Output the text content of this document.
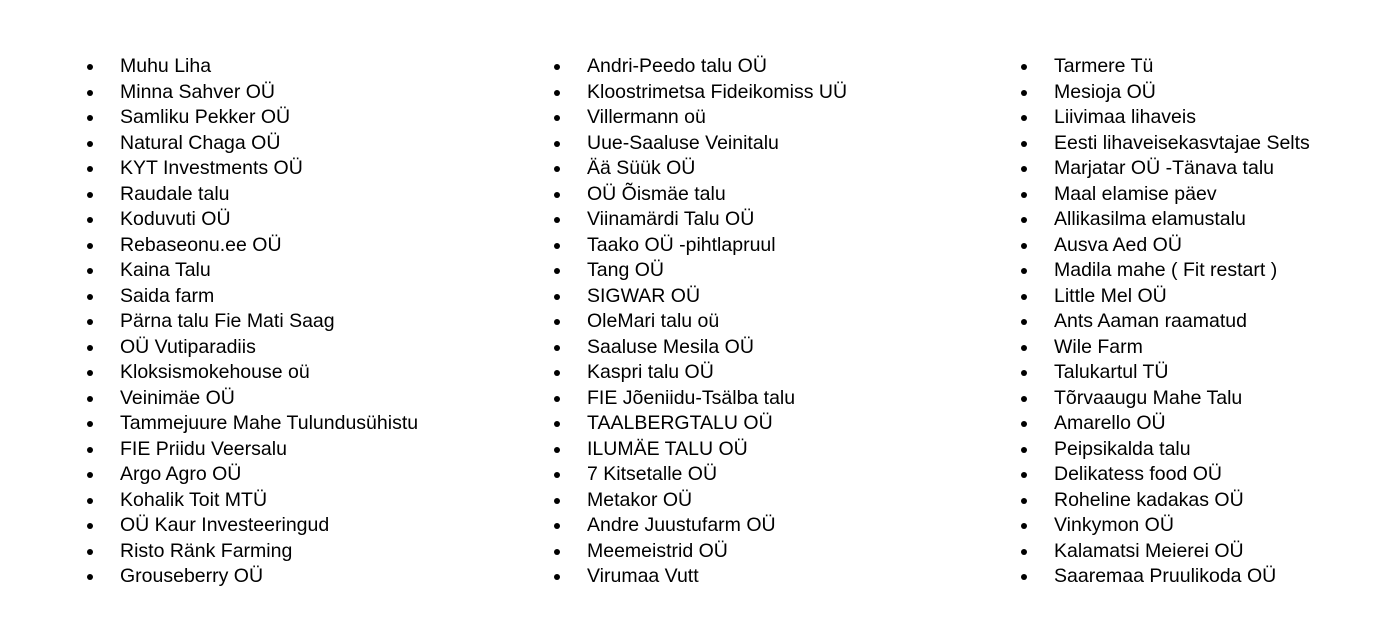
Muhu Liha
Minna Sahver OÜ
Samliku Pekker OÜ
Natural Chaga OÜ
KYT Investments OÜ
Raudale talu
Koduvuti OÜ
Rebaseonu.ee OÜ
Kaina Talu
Saida farm
Pärna talu Fie Mati Saag
OÜ Vutiparadiis
Kloksismokehouse oü
Veinimäe OÜ
Tammejuure Mahe Tulundusühistu
FIE Priidu Veersalu
Argo Agro OÜ
Kohalik Toit MTÜ
OÜ Kaur Investeeringud
Risto Ränk Farming
Grouseberry OÜ
Andri-Peedo talu OÜ
Kloostrimetsa Fideikomiss UÜ
Villermann oü
Uue-Saaluse Veinitalu
Ää Süük OÜ
OÜ Õismäe talu
Viinamärdi Talu OÜ
Taako OÜ -pihtlapruul
Tang OÜ
SIGWAR OÜ
OleMari talu oü
Saaluse Mesila OÜ
Kaspri talu OÜ
FIE Jõeniidu-Tsälba talu
TAALBERGTALU OÜ
ILUMÄE TALU OÜ
7 Kitsetalle OÜ
Metakor OÜ
Andre Juustufarm OÜ
Meemeistrid OÜ
Virumaa Vutt
Tarmere Tü
Mesioja OÜ
Liivimaa lihaveis
Eesti lihaveisekasvtajae Selts
Marjatar OÜ -Tänava talu
Maal elamise päev
Allikasilma elamustalu
Ausva Aed OÜ
Madila mahe ( Fit restart )
Little Mel OÜ
Ants Aaman raamatud
Wile Farm
Talukartul TÜ
Tõrvaaugu Mahe Talu
Amarello OÜ
Peipsikalda talu
Delikatess food OÜ
Roheline kadakas OÜ
Vinkymon OÜ
Kalamatsi Meierei OÜ
Saaremaa Pruulikoda OÜ
